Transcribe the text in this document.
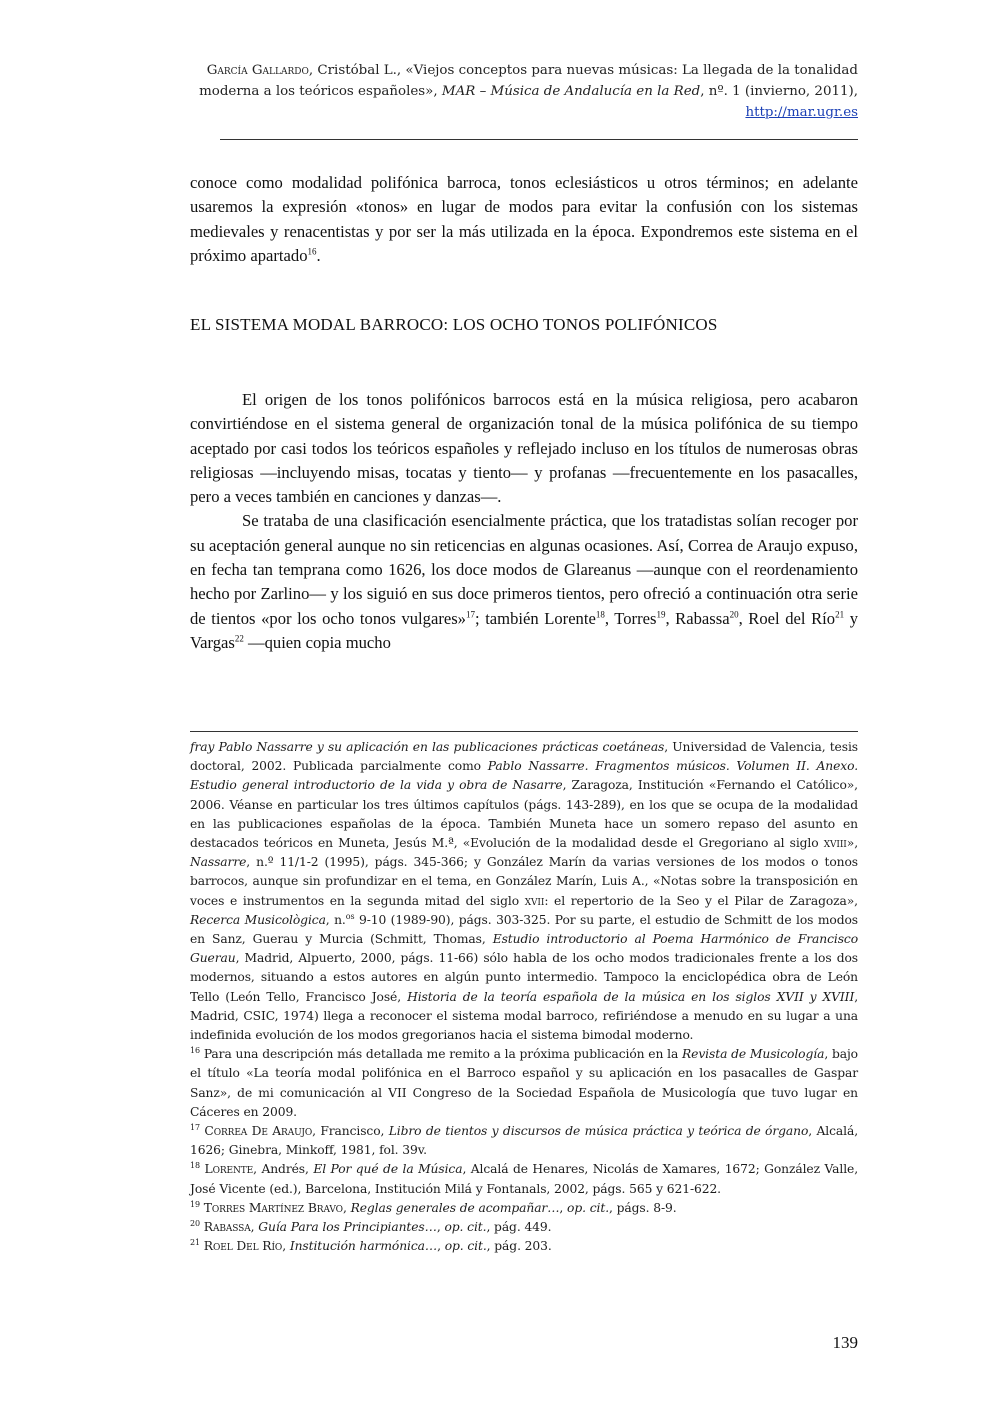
García Gallardo, Cristóbal L., «Viejos conceptos para nuevas músicas: La llegada de la tonalidad moderna a los teóricos españoles», MAR – Música de Andalucía en la Red, nº. 1 (invierno, 2011), http://mar.ugr.es

conoce como modalidad polifónica barroca, tonos eclesiásticos u otros términos; en adelante usaremos la expresión «tonos» en lugar de modos para evitar la confusión con los sistemas medievales y renacentistas y por ser la más utilizada en la época. Expondremos este sistema en el próximo apartado$^{16}$.

EL SISTEMA MODAL BARROCO: LOS OCHO TONOS POLIFÓNICOS

El origen de los tonos polifónicos barrocos está en la música religiosa, pero acabaron convirtiéndose en el sistema general de organización tonal de la música polifónica de su tiempo aceptado por casi todos los teóricos españoles y reflejado incluso en los títulos de numerosas obras religiosas —incluyendo misas, tocatas y tiento— y profanas —frecuentemente en los pasacalles, pero a veces también en canciones y danzas—.

Se trataba de una clasificación esencialmente práctica, que los tratadistas solían recoger por su aceptación general aunque no sin reticencias en algunas ocasiones. Así, Correa de Araujo expuso, en fecha tan temprana como 1626, los doce modos de Glareanus —aunque con el reordenamiento hecho por Zarlino— y los siguió en sus doce primeros tientos, pero ofreció a continuación otra serie de tientos «por los ocho tonos vulgares»$^{17}$; también Lorente$^{18}$, Torres$^{19}$, Rabassa$^{20}$, Roel del Río$^{21}$ y Vargas$^{22}$ —quien copia mucho

fray Pablo Nassarre y su aplicación en las publicaciones prácticas coetáneas, Universidad de Valencia, tesis doctoral, 2002. Publicada parcialmente como Pablo Nassarre. Fragmentos músicos. Volumen II. Anexo. Estudio general introductorio de la vida y obra de Nasarre, Zaragoza, Institución «Fernando el Católico», 2006. Véanse en particular los tres últimos capítulos (págs. 143-289), en los que se ocupa de la modalidad en las publicaciones españolas de la época. También Muneta hace un somero repaso del asunto en destacados teóricos en Muneta, Jesús M.ª, «Evolución de la modalidad desde el Gregoriano al siglo xviii», Nassarre, n.º 11/1-2 (1995), págs. 345-366; y González Marín da varias versiones de los modos o tonos barrocos, aunque sin profundizar en el tema, en González Marín, Luis A., «Notas sobre la transposición en voces e instrumentos en la segunda mitad del siglo xvii: el repertorio de la Seo y el Pilar de Zaragoza», Recerca Musicològica, n.$^{os}$ 9-10 (1989-90), págs. 303-325. Por su parte, el estudio de Schmitt de los modos en Sanz, Guerau y Murcia (Schmitt, Thomas, Estudio introductorio al Poema Harmónico de Francisco Guerau, Madrid, Alpuerto, 2000, págs. 11-66) sólo habla de los ocho modos tradicionales frente a los dos modernos, situando a estos autores en algún punto intermedio. Tampoco la enciclopédica obra de León Tello (León Tello, Francisco José, Historia de la teoría española de la música en los siglos XVII y XVIII, Madrid, CSIC, 1974) llega a reconocer el sistema modal barroco, refiriéndose a menudo en su lugar a una indefinida evolución de los modos gregorianos hacia el sistema bimodal moderno.

$^{16}$ Para una descripción más detallada me remito a la próxima publicación en la Revista de Musicología, bajo el título «La teoría modal polifónica en el Barroco español y su aplicación en los pasacalles de Gaspar Sanz», de mi comunicación al VII Congreso de la Sociedad Española de Musicología que tuvo lugar en Cáceres en 2009.

$^{17}$ Correa De Araujo, Francisco, Libro de tientos y discursos de música práctica y teórica de órgano, Alcalá, 1626; Ginebra, Minkoff, 1981, fol. 39v.

$^{18}$ Lorente, Andrés, El Por qué de la Música, Alcalá de Henares, Nicolás de Xamares, 1672; González Valle, José Vicente (ed.), Barcelona, Institución Milá y Fontanals, 2002, págs. 565 y 621-622.

$^{19}$ Torres Martínez Bravo, Reglas generales de acompañar…, op. cit., págs. 8-9.

$^{20}$ Rabassa, Guía Para los Principiantes…, op. cit., pág. 449.

$^{21}$ Roel Del Río, Institución harmónica…, op. cit., pág. 203.

139
